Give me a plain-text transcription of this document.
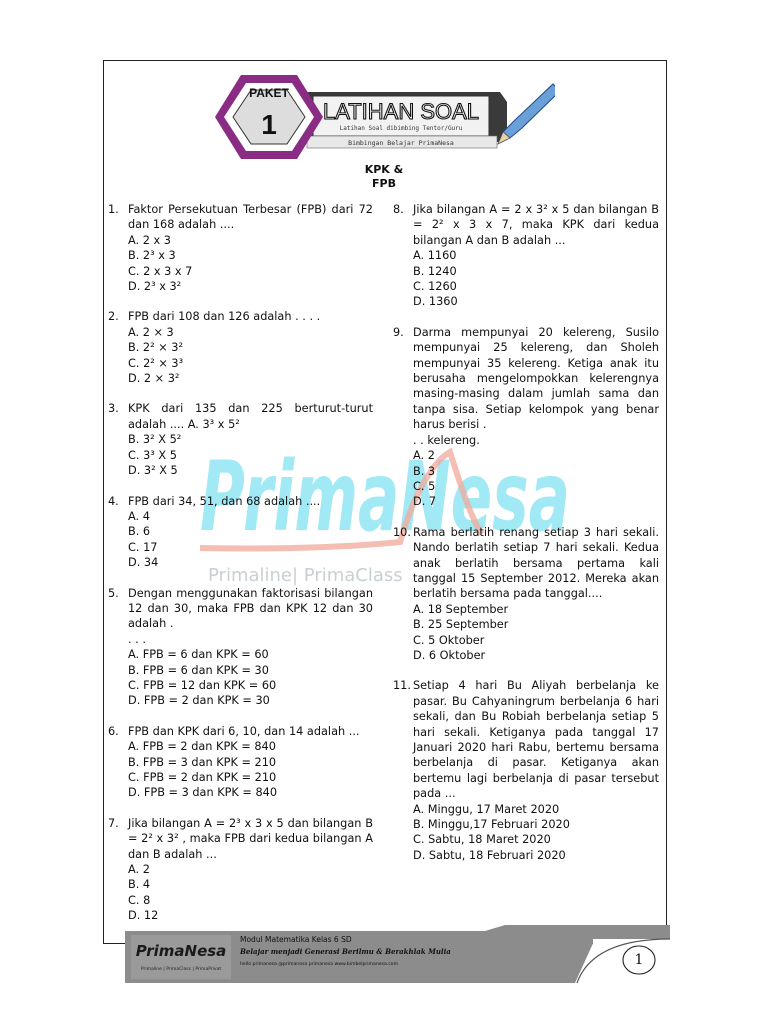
PAKET
1 LATIHAN SOAL
Latihan Soal dibimbing Tentor/Guru
Bimbingan Belajar PrimaNesa
KPK &
FPB
PrimaNesa
Primaline| PrimaClass
1. Faktor Persekutuan Terbesar (FPB) dari 72 dan 168 adalah ....
A. 2 x 3
B. 2³ x 3
C. 2 x 3 x 7
D. 2³ x 3²
2. FPB dari 108 dan 126 adalah . . . .
A. 2 × 3
B. 2² × 3²
C. 2² × 3³
D. 2 × 3²
3. KPK dari 135 dan 225 berturut-turut adalah .... A. 3³ x 5²
B. 3² X 5²
C. 3³ X 5
D. 3² X 5
4. FPB dari 34, 51, dan 68 adalah ....
A. 4
B. 6
C. 17
D. 34
5. Dengan menggunakan faktorisasi bilangan 12 dan 30, maka FPB dan KPK 12 dan 30 adalah .
. . .
A. FPB = 6 dan KPK = 60
B. FPB = 6 dan KPK = 30
C. FPB = 12 dan KPK = 60
D. FPB = 2 dan KPK = 30
6. FPB dan KPK dari 6, 10, dan 14 adalah ...
A. FPB = 2 dan KPK = 840
B. FPB = 3 dan KPK = 210
C. FPB = 2 dan KPK = 210
D. FPB = 3 dan KPK = 840
7. Jika bilangan A = 2³ x 3 x 5 dan bilangan B = 2² x 3² , maka FPB dari kedua bilangan A dan B adalah ...
A. 2
B. 4
C. 8
D. 12
8. Jika bilangan A = 2 x 3² x 5 dan bilangan B = 2² x 3 x 7, maka KPK dari kedua bilangan A dan B adalah ...
A. 1160
B. 1240
C. 1260
D. 1360
9. Darma mempunyai 20 kelereng, Susilo mempunyai 25 kelereng, dan Sholeh mempunyai 35 kelereng. Ketiga anak itu berusaha mengelompokkan kelerengnya masing-masing dalam jumlah sama dan tanpa sisa. Setiap kelompok yang benar harus berisi .
. . kelereng.
A. 2
B. 3
C. 5
D. 7
10. Rama berlatih renang setiap 3 hari sekali. Nando berlatih setiap 7 hari sekali. Kedua anak berlatih bersama pertama kali tanggal 15 September 2012. Mereka akan berlatih bersama pada tanggal....
A. 18 September
B. 25 September
C. 5 Oktober
D. 6 Oktober
11. Setiap 4 hari Bu Aliyah berbelanja ke pasar. Bu Cahyaningrum berbelanja 6 hari sekali, dan Bu Robiah berbelanja setiap 5 hari sekali. Ketiganya pada tanggal 17 Januari 2020 hari Rabu, bertemu bersama berbelanja di pasar. Ketiganya akan bertemu lagi berbelanja di pasar tersebut pada ...
A. Minggu, 17 Maret 2020
B. Minggu,17 Februari 2020
C. Sabtu, 18 Maret 2020
D. Sabtu, 18 Februari 2020
PrimaNesa
Primaline | PrimaClass | PrimaPrivat
Modul Matematika Kelas 6 SD
Belajar menjadi Generasi Berilmu & Berakhlak Mulia
hello primanesa @primanesa primanesa www.bimbelprimanesa.com	1
